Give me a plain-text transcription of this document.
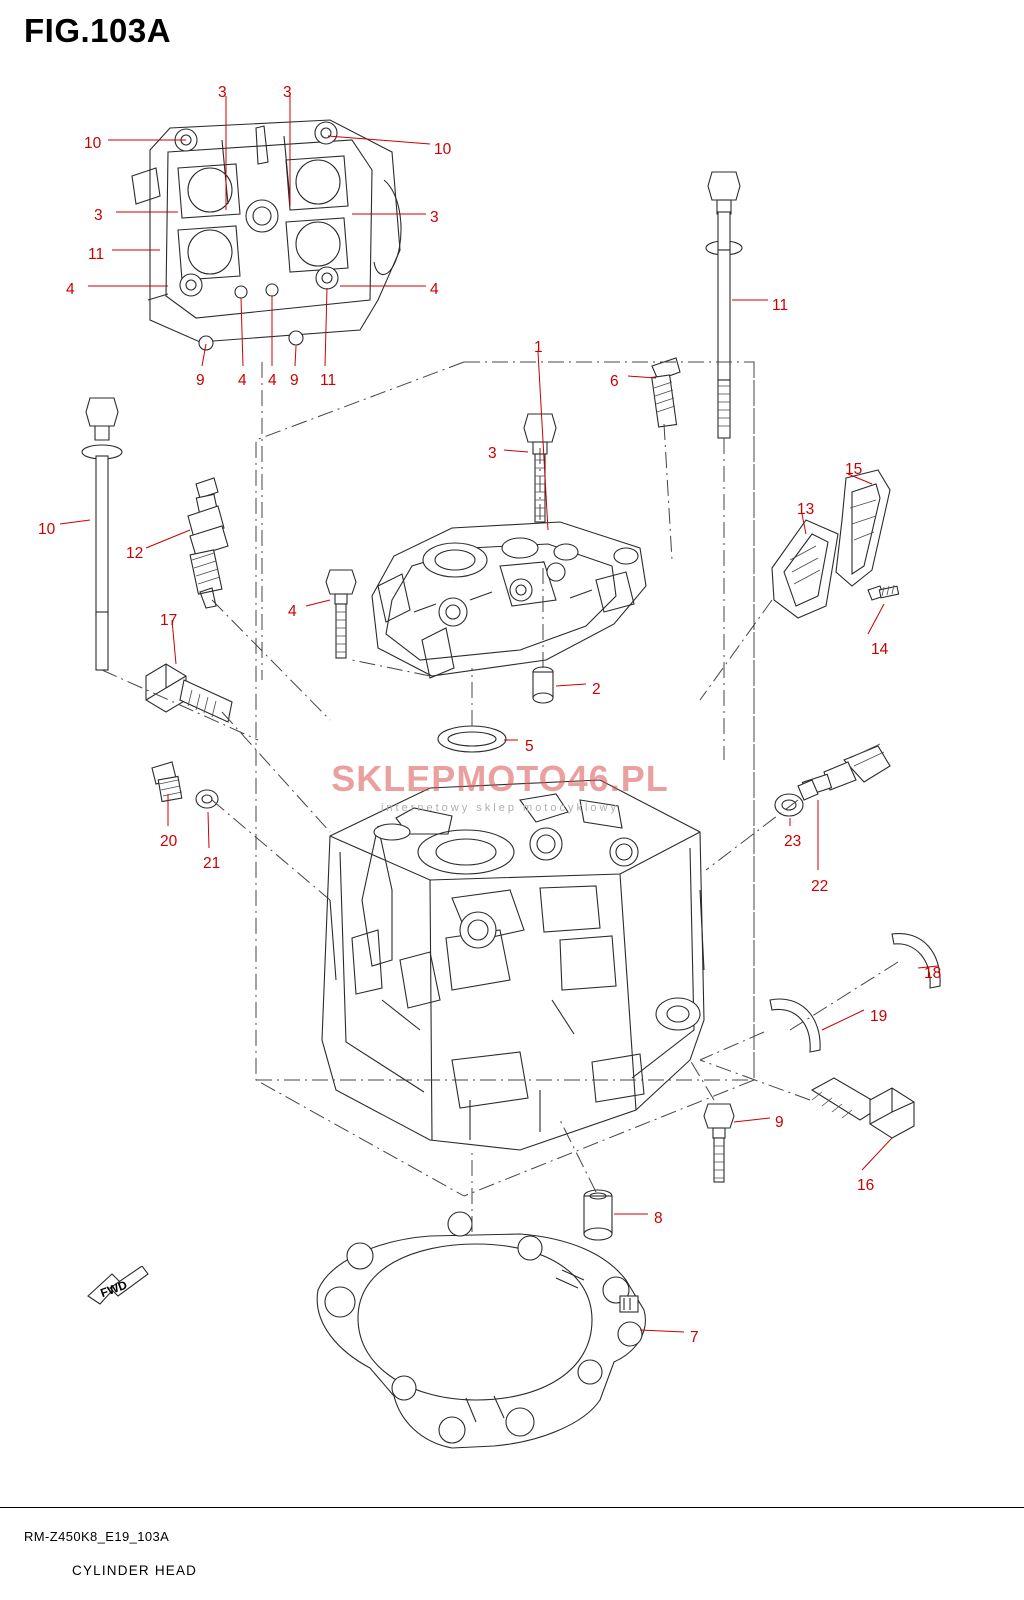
FIG.103A
3	3
10	10
3	3
11
4	4
9 4 4 9 11
1
6
11
3
15
13
10
12
4
14
17
2
5
20
21
23
22
18
19
9
16
8
7
FWD
SKLEPMOTO46.PL
internetowy sklep motocyklowy
RM-Z450K8_E19_103A
CYLINDER HEAD
